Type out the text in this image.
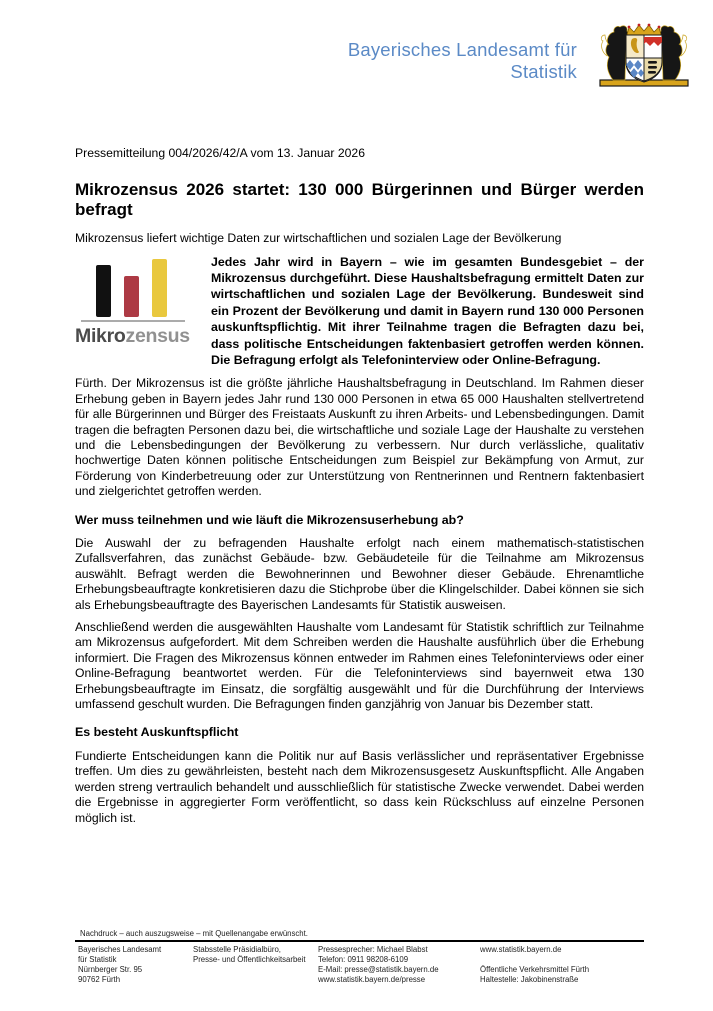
Bayerisches Landesamt für
Statistik
Pressemitteilung 004/2026/42/A vom 13. Januar 2026
Mikrozensus 2026 startet: 130 000 Bürgerinnen und Bürger werden befragt
Mikrozensus liefert wichtige Daten zur wirtschaftlichen und sozialen Lage der Bevölkerung
Mikrozensus
Jedes Jahr wird in Bayern – wie im gesamten Bundesgebiet – der Mikrozensus durchgeführt. Diese Haushaltsbefragung ermittelt Daten zur wirtschaftlichen und sozialen Lage der Bevölkerung. Bundesweit sind ein Prozent der Bevölkerung und damit in Bayern rund 130 000 Personen auskunftspflichtig. Mit ihrer Teilnahme tragen die Befragten dazu bei, dass politische Entscheidungen faktenbasiert getroffen werden können. Die Befragung erfolgt als Telefoninterview oder Online-Befragung.

Fürth. Der Mikrozensus ist die größte jährliche Haushaltsbefragung in Deutschland. Im Rahmen dieser Erhebung geben in Bayern jedes Jahr rund 130 000 Personen in etwa 65 000 Haushalten stellvertretend für alle Bürgerinnen und Bürger des Freistaats Auskunft zu ihren Arbeits- und Lebensbedingungen. Damit tragen die befragten Personen dazu bei, die wirtschaftliche und soziale Lage der Haushalte zu verstehen und die Lebensbedingungen der Bevölkerung zu verbessern. Nur durch verlässliche, qualitativ hochwertige Daten können politische Entscheidungen zum Beispiel zur Bekämpfung von Armut, zur Förderung von Kinderbetreuung oder zur Unterstützung von Rentnerinnen und Rentnern faktenbasiert und zielgerichtet getroffen werden.

Wer muss teilnehmen und wie läuft die Mikrozensuserhebung ab?

Die Auswahl der zu befragenden Haushalte erfolgt nach einem mathematisch-statistischen Zufallsverfahren, das zunächst Gebäude- bzw. Gebäudeteile für die Teilnahme am Mikrozensus auswählt. Befragt werden die Bewohnerinnen und Bewohner dieser Gebäude. Ehrenamtliche Erhebungsbeauftragte konkretisieren dazu die Stichprobe über die Klingelschilder. Dabei können sie sich als Erhebungsbeauftragte des Bayerischen Landesamts für Statistik ausweisen.

Anschließend werden die ausgewählten Haushalte vom Landesamt für Statistik schriftlich zur Teilnahme am Mikrozensus aufgefordert. Mit dem Schreiben werden die Haushalte ausführlich über die Erhebung informiert. Die Fragen des Mikrozensus können entweder im Rahmen eines Telefoninterviews oder einer Online-Befragung beantwortet werden. Für die Telefoninterviews sind bayernweit etwa 130 Erhebungsbeauftragte im Einsatz, die sorgfältig ausgewählt und für die Durchführung der Interviews umfassend geschult wurden. Die Befragungen finden ganzjährig von Januar bis Dezember statt.

Es besteht Auskunftspflicht

Fundierte Entscheidungen kann die Politik nur auf Basis verlässlicher und repräsentativer Ergebnisse treffen. Um dies zu gewährleisten, besteht nach dem Mikrozensusgesetz Auskunftspflicht. Alle Angaben werden streng vertraulich behandelt und ausschließlich für statistische Zwecke verwendet. Dabei werden die Ergebnisse in aggregierter Form veröffentlicht, so dass kein Rückschluss auf einzelne Personen möglich ist.

Nachdruck – auch auszugsweise – mit Quellenangabe erwünscht.
Bayerisches Landesamt
für Statistik
Nürnberger Str. 95
90762 Fürth
Stabsstelle Präsidialbüro,
Presse- und Öffentlichkeitsarbeit
Pressesprecher: Michael Blabst
Telefon: 0911 98208-6109
E-Mail: presse@statistik.bayern.de
www.statistik.bayern.de/presse
www.statistik.bayern.de
Öffentliche Verkehrsmittel Fürth
Haltestelle: Jakobinenstraße
